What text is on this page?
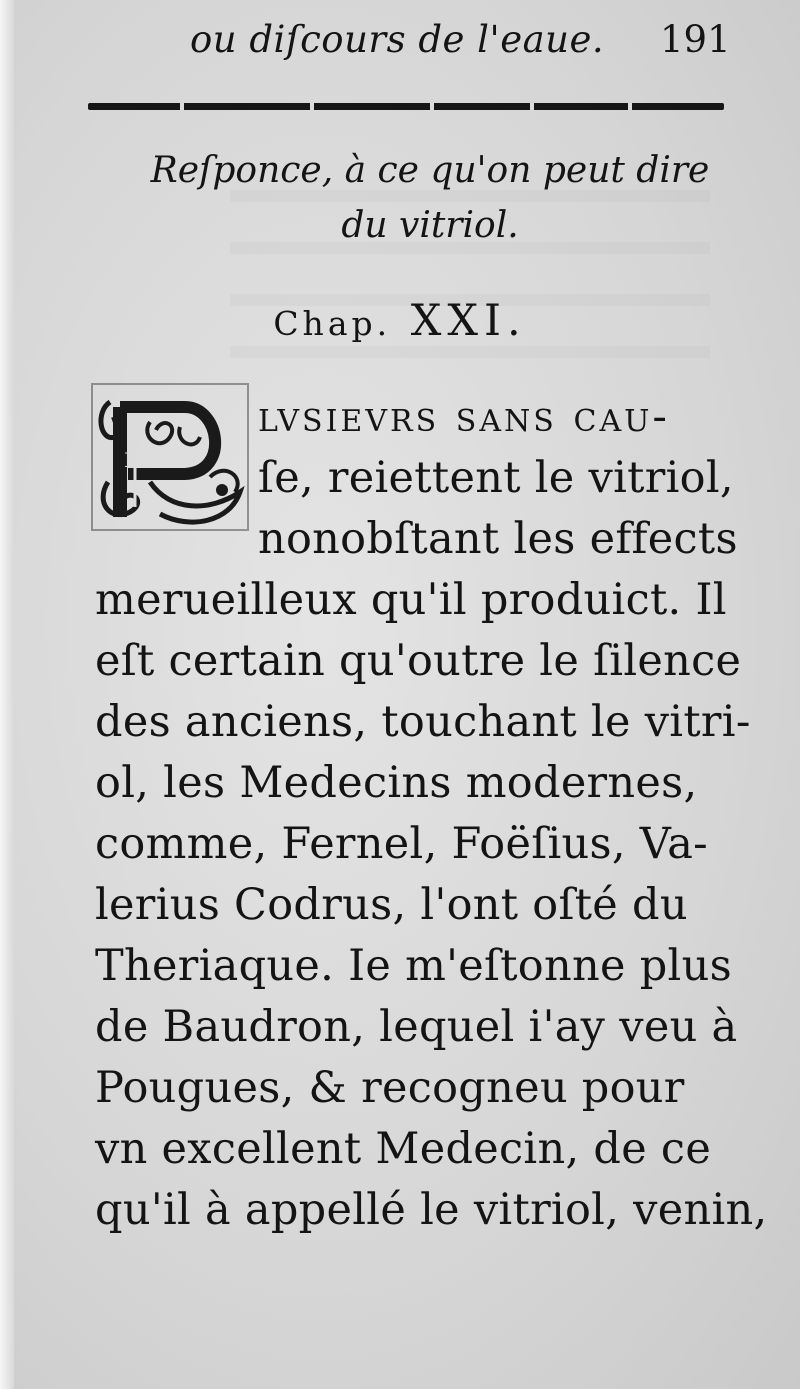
ou diſcours de l'eaue. 191
Reſponce, à ce qu'on peut dire
du vitriol.
Chap. XXI.
P
lvsievrs ſans cau-
ſe, reiettent le vitriol,
nonobſtant les effects
merueilleux qu'il produict. Il
eſt certain qu'outre le ſilence
des anciens, touchant le vitri-
ol, les Medecins modernes,
comme, Fernel, Foëſius, Va-
lerius Codrus, l'ont oſté du
Theriaque. Ie m'eſtonne plus
de Baudron, lequel i'ay veu à
Pougues, & recogneu pour
vn excellent Medecin, de ce
qu'il à appellé le vitriol, venin,
